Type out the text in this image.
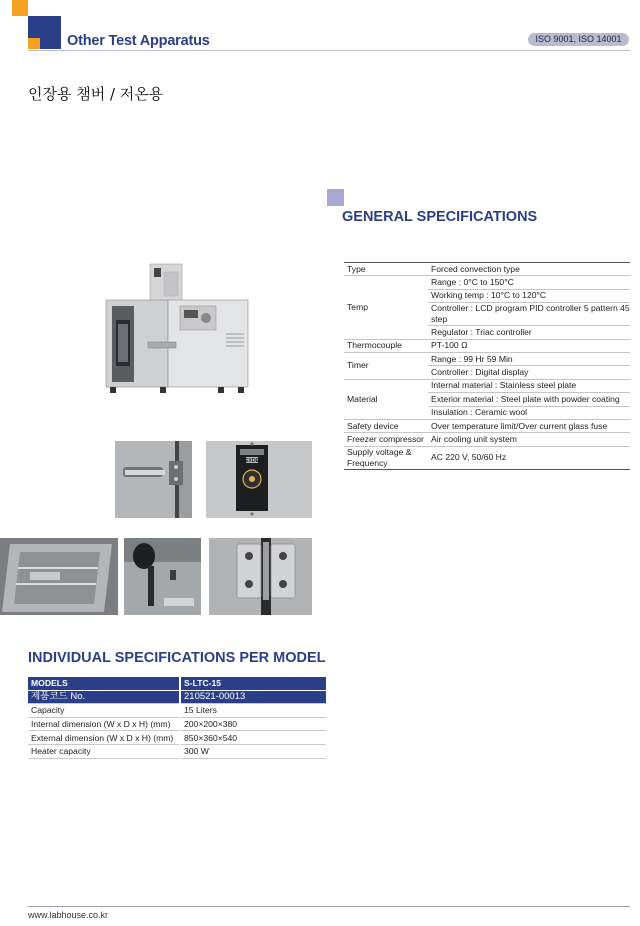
Other Test Apparatus	ISO 9001, ISO 14001
인장용 챔버 / 저온용
EXDE
GENERAL SPECIFICATIONS
Type	Forced convection type
Temp	Range : 0°C to 150°C
	Working temp : 10°C to 120°C
	Controller : LCD program PID controller 5 pattern 45 step
	Regulator : Triac controller
Thermocouple	PT-100 Ω
Timer	Range : 99 Hr 59 Min
	Controller : Digital display
Material	Internal material : Stainless steel plate
	Exterior material : Steel plate with powder coating
	Insulation : Ceramic wool
Safety device	Over temperature limit/Over current glass fuse
Freezer compressor	Air cooling unit system
Supply voltage & Frequency	AC 220 V, 50/60 Hz
INDIVIDUAL SPECIFICATIONS PER MODEL
MODELS	S-LTC-15
제품코드 No.	210521-00013
Capacity	15 Liters
Internal dimension (W x D x H) (mm)	200×200×380
External dimension (W x D x H) (mm)	850×360×540
Heater capacity	300 W
www.labhouse.co.kr
